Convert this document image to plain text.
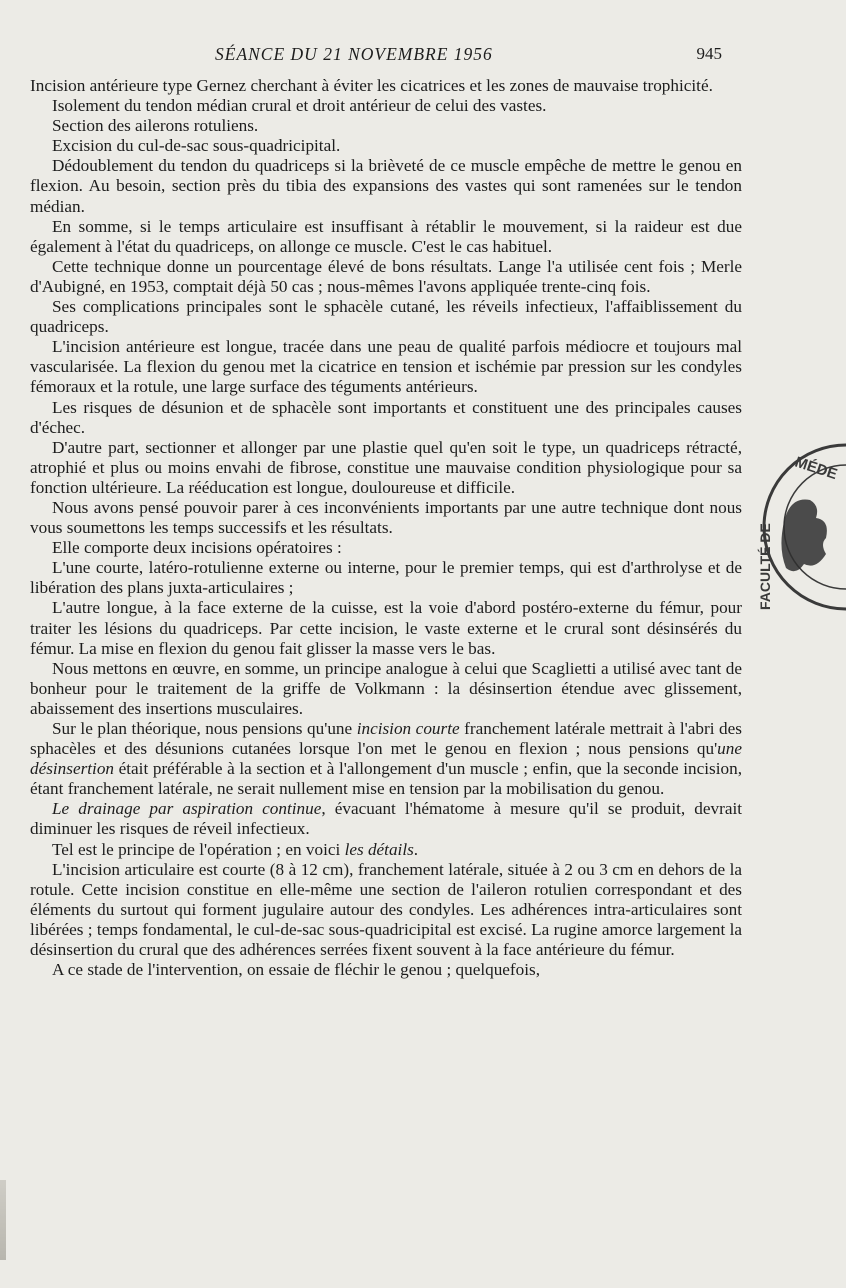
SÉANCE DU 21 NOVEMBRE 1956	945

Incision antérieure type Gernez cherchant à éviter les cicatrices et les zones de mauvaise trophicité.

Isolement du tendon médian crural et droit antérieur de celui des vastes.

Section des ailerons rotuliens.

Excision du cul-de-sac sous-quadricipital.

Dédoublement du tendon du quadriceps si la brièveté de ce muscle empêche de mettre le genou en flexion. Au besoin, section près du tibia des expansions des vastes qui sont ramenées sur le tendon médian.

En somme, si le temps articulaire est insuffisant à rétablir le mouvement, si la raideur est due également à l'état du quadriceps, on allonge ce muscle. C'est le cas habituel.

Cette technique donne un pourcentage élevé de bons résultats. Lange l'a utilisée cent fois ; Merle d'Aubigné, en 1953, comptait déjà 50 cas ; nous-mêmes l'avons appliquée trente-cinq fois.

Ses complications principales sont le sphacèle cutané, les réveils infectieux, l'affaiblissement du quadriceps.

L'incision antérieure est longue, tracée dans une peau de qualité parfois médiocre et toujours mal vascularisée. La flexion du genou met la cicatrice en tension et ischémie par pression sur les condyles fémoraux et la rotule, une large surface des téguments antérieurs.

Les risques de désunion et de sphacèle sont importants et constituent une des principales causes d'échec.

D'autre part, sectionner et allonger par une plastie quel qu'en soit le type, un quadriceps rétracté, atrophié et plus ou moins envahi de fibrose, constitue une mauvaise condition physiologique pour sa fonction ultérieure. La rééducation est longue, douloureuse et difficile.

Nous avons pensé pouvoir parer à ces inconvénients importants par une autre technique dont nous vous soumettons les temps successifs et les résultats.

Elle comporte deux incisions opératoires :

L'une courte, latéro-rotulienne externe ou interne, pour le premier temps, qui est d'arthrolyse et de libération des plans juxta-articulaires ;

L'autre longue, à la face externe de la cuisse, est la voie d'abord postéro-externe du fémur, pour traiter les lésions du quadriceps. Par cette incision, le vaste externe et le crural sont désinsérés du fémur. La mise en flexion du genou fait glisser la masse vers le bas.

Nous mettons en œuvre, en somme, un principe analogue à celui que Scaglietti a utilisé avec tant de bonheur pour le traitement de la griffe de Volkmann : la désinsertion étendue avec glissement, abaissement des insertions musculaires.

Sur le plan théorique, nous pensions qu'une incision courte franchement latérale mettrait à l'abri des sphacèles et des désunions cutanées lorsque l'on met le genou en flexion ; nous pensions qu'une désinsertion était préférable à la section et à l'allongement d'un muscle ; enfin, que la seconde incision, étant franchement latérale, ne serait nullement mise en tension par la mobilisation du genou.

Le drainage par aspiration continue, évacuant l'hématome à mesure qu'il se produit, devrait diminuer les risques de réveil infectieux.

Tel est le principe de l'opération ; en voici les détails.

L'incision articulaire est courte (8 à 12 cm), franchement latérale, située à 2 ou 3 cm en dehors de la rotule. Cette incision constitue en elle-même une section de l'aileron rotulien correspondant et des éléments du surtout qui forment jugulaire autour des condyles. Les adhérences intra-articulaires sont libérées ; temps fondamental, le cul-de-sac sous-quadricipital est excisé. La rugine amorce largement la désinsertion du crural que des adhérences serrées fixent souvent à la face antérieure du fémur.

A ce stade de l'intervention, on essaie de fléchir le genou ; quelquefois,

MÉDE
FACULTÉ DE
